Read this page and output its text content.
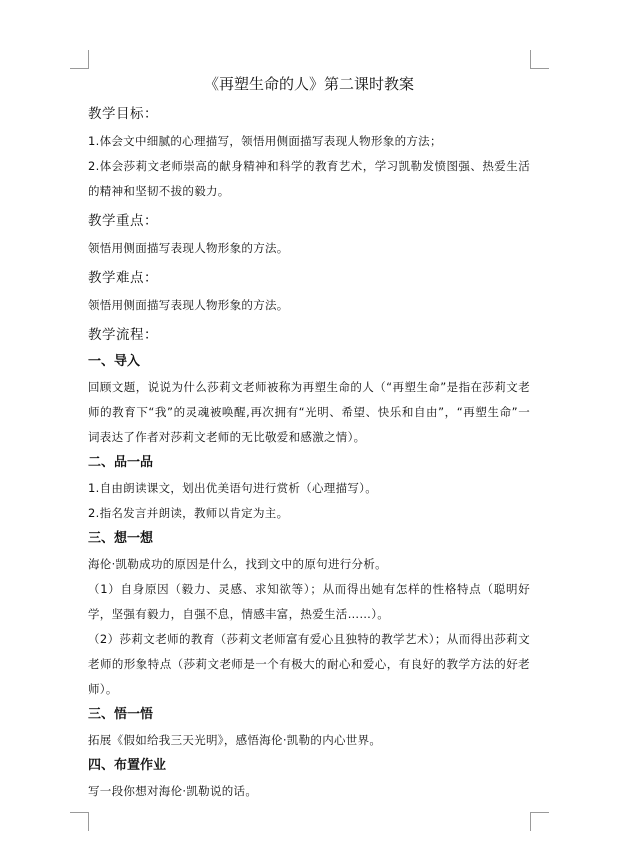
《再塑生命的人》第二课时教案
教学目标：

1.体会文中细腻的心理描写，领悟用侧面描写表现人物形象的方法；

2.体会莎莉文老师崇高的献身精神和科学的教育艺术，学习凯勒发愤图强、热爱生活的精神和坚韧不拔的毅力。

教学重点：

领悟用侧面描写表现人物形象的方法。

教学难点：

领悟用侧面描写表现人物形象的方法。

教学流程：
一、导入

回顾文题，说说为什么莎莉文老师被称为再塑生命的人（“再塑生命”是指在莎莉文老师的教育下“我”的灵魂被唤醒,再次拥有“光明、希望、快乐和自由”，“再塑生命”一词表达了作者对莎莉文老师的无比敬爱和感激之情）。

二、品一品

1.自由朗读课文，划出优美语句进行赏析（心理描写）。

2.指名发言并朗读，教师以肯定为主。

三、想一想

海伦·凯勒成功的原因是什么，找到文中的原句进行分析。

（1）自身原因（毅力、灵感、求知欲等）；从而得出她有怎样的性格特点（聪明好学，坚强有毅力，自强不息，情感丰富，热爱生活……）。

（2）莎莉文老师的教育（莎莉文老师富有爱心且独特的教学艺术）；从而得出莎莉文老师的形象特点（莎莉文老师是一个有极大的耐心和爱心，有良好的教学方法的好老师）。

三、悟一悟

拓展《假如给我三天光明》，感悟海伦·凯勒的内心世界。

四、布置作业

写一段你想对海伦·凯勒说的话。
